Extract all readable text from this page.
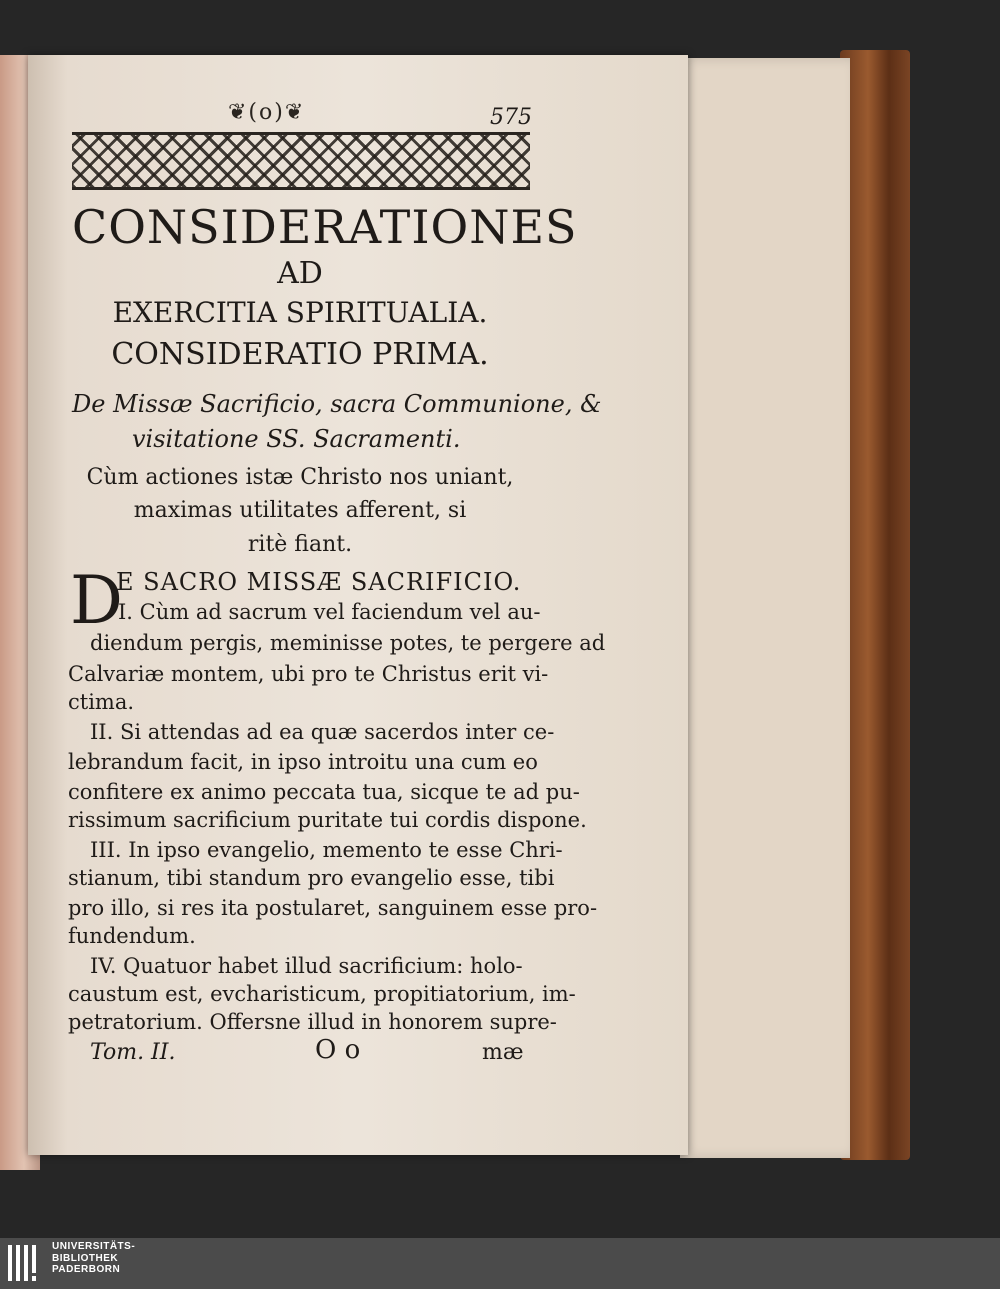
❦(o)❦	575
CONSIDERATIONES
AD
EXERCITIA SPIRITUALIA.
CONSIDERATIO PRIMA.
De Missæ Sacrificio, sacra Communione, &
visitatione SS. Sacramenti.
Cùm actiones istæ Christo nos uniant,
maximas utilitates afferent, si
ritè fiant.
D
E SACRO MISSÆ SACRIFICIO.
I. Cùm ad sacrum vel faciendum vel au-
diendum pergis, meminisse potes, te pergere ad
Calvariæ montem, ubi pro te Christus erit vi-
ctima.
II. Si attendas ad ea quæ sacerdos inter ce-
lebrandum facit, in ipso introitu una cum eo
confitere ex animo peccata tua, sicque te ad pu-
rissimum sacrificium puritate tui cordis dispone.
III. In ipso evangelio, memento te esse Chri-
stianum, tibi standum pro evangelio esse, tibi
pro illo, si res ita postularet, sanguinem esse pro-
fundendum.
IV. Quatuor habet illud sacrificium: holo-
caustum est, evcharisticum, propitiatorium, im-
petratorium. Offersne illud in honorem supre-
Tom. II.	O o	mæ
UNIVERSITÄTS-
BIBLIOTHEK
PADERBORN
